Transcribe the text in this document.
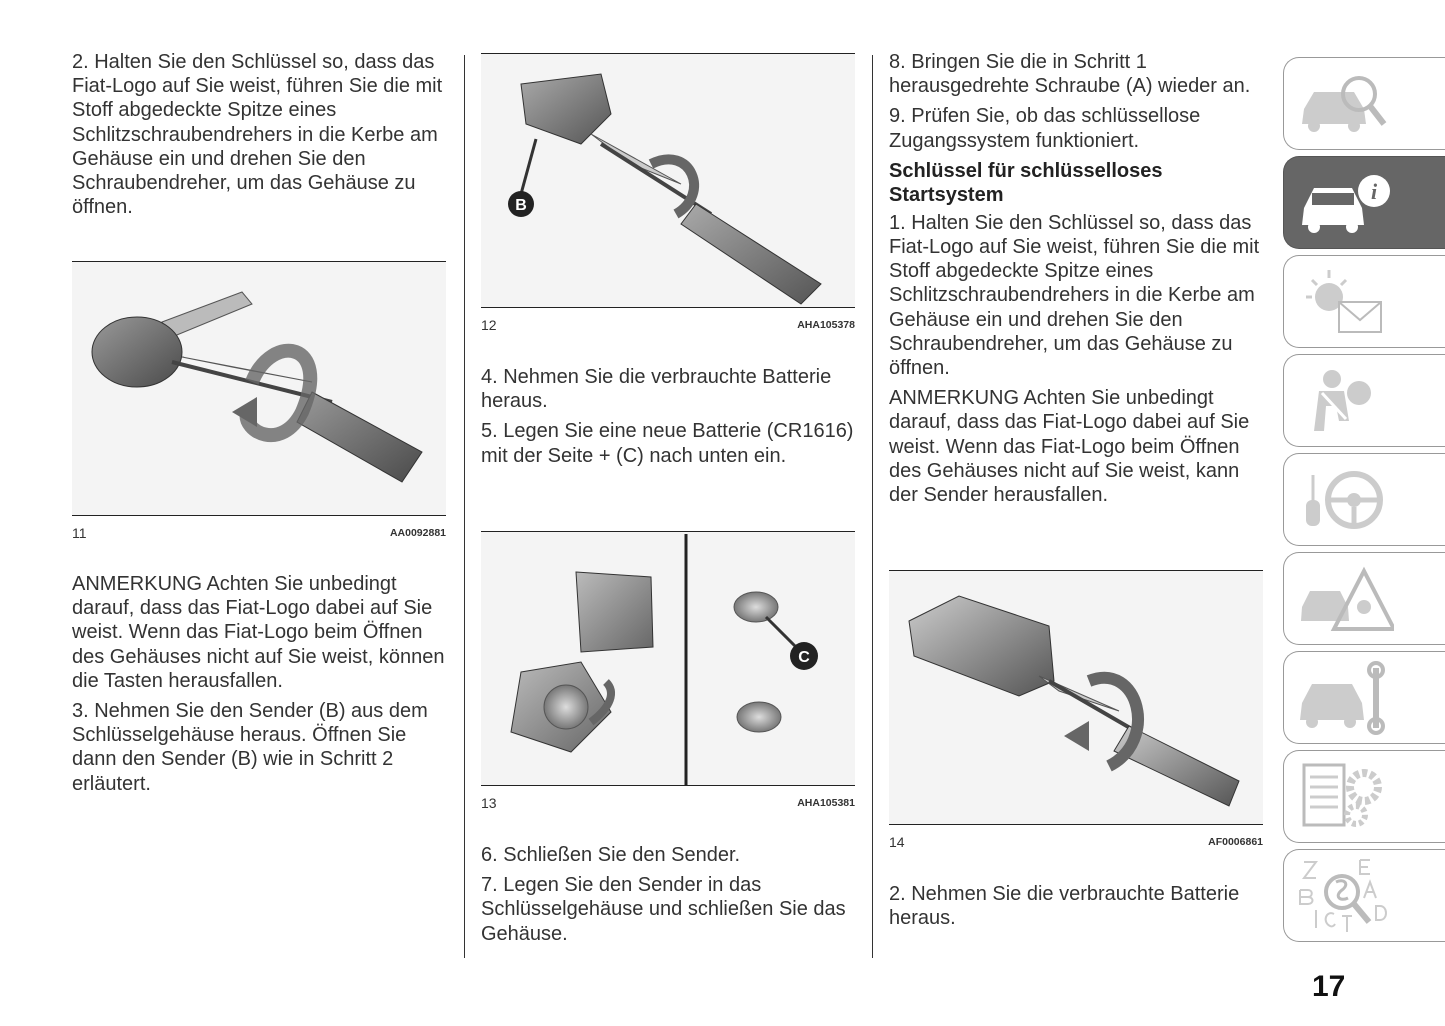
2. Halten Sie den Schlüssel so, dass das Fiat-Logo auf Sie weist, führen Sie die mit Stoff abgedeckte Spitze eines Schlitzschraubendrehers in die Kerbe am Gehäuse ein und drehen Sie den Schraubendreher, um das Gehäuse zu öffnen.

11	AA0092881

ANMERKUNG Achten Sie unbedingt darauf, dass das Fiat-Logo dabei auf Sie weist. Wenn das Fiat-Logo beim Öffnen des Gehäuses nicht auf Sie weist, können die Tasten herausfallen.

3. Nehmen Sie den Sender (B) aus dem Schlüsselgehäuse heraus. Öffnen Sie dann den Sender (B) wie in Schritt 2 erläutert.

B
12	AHA105378

4. Nehmen Sie die verbrauchte Batterie heraus.

5. Legen Sie eine neue Batterie (CR1616) mit der Seite + (C) nach unten ein.

C
13	AHA105381

6. Schließen Sie den Sender.

7. Legen Sie den Sender in das Schlüsselgehäuse und schließen Sie das Gehäuse.

8. Bringen Sie die in Schritt 1 herausgedrehte Schraube (A) wieder an.

9. Prüfen Sie, ob das schlüssellose Zugangssystem funktioniert.

Schlüssel für schlüsselloses Startsystem

1. Halten Sie den Schlüssel so, dass das Fiat-Logo auf Sie weist, führen Sie die mit Stoff abgedeckte Spitze eines Schlitzschraubendrehers in die Kerbe am Gehäuse ein und drehen Sie den Schraubendreher, um das Gehäuse zu öffnen.

ANMERKUNG Achten Sie unbedingt darauf, dass das Fiat-Logo dabei auf Sie weist. Wenn das Fiat-Logo beim Öffnen des Gehäuses nicht auf Sie weist, kann der Sender herausfallen.

14	AF0006861

2. Nehmen Sie die verbrauchte Batterie heraus.

i
17
